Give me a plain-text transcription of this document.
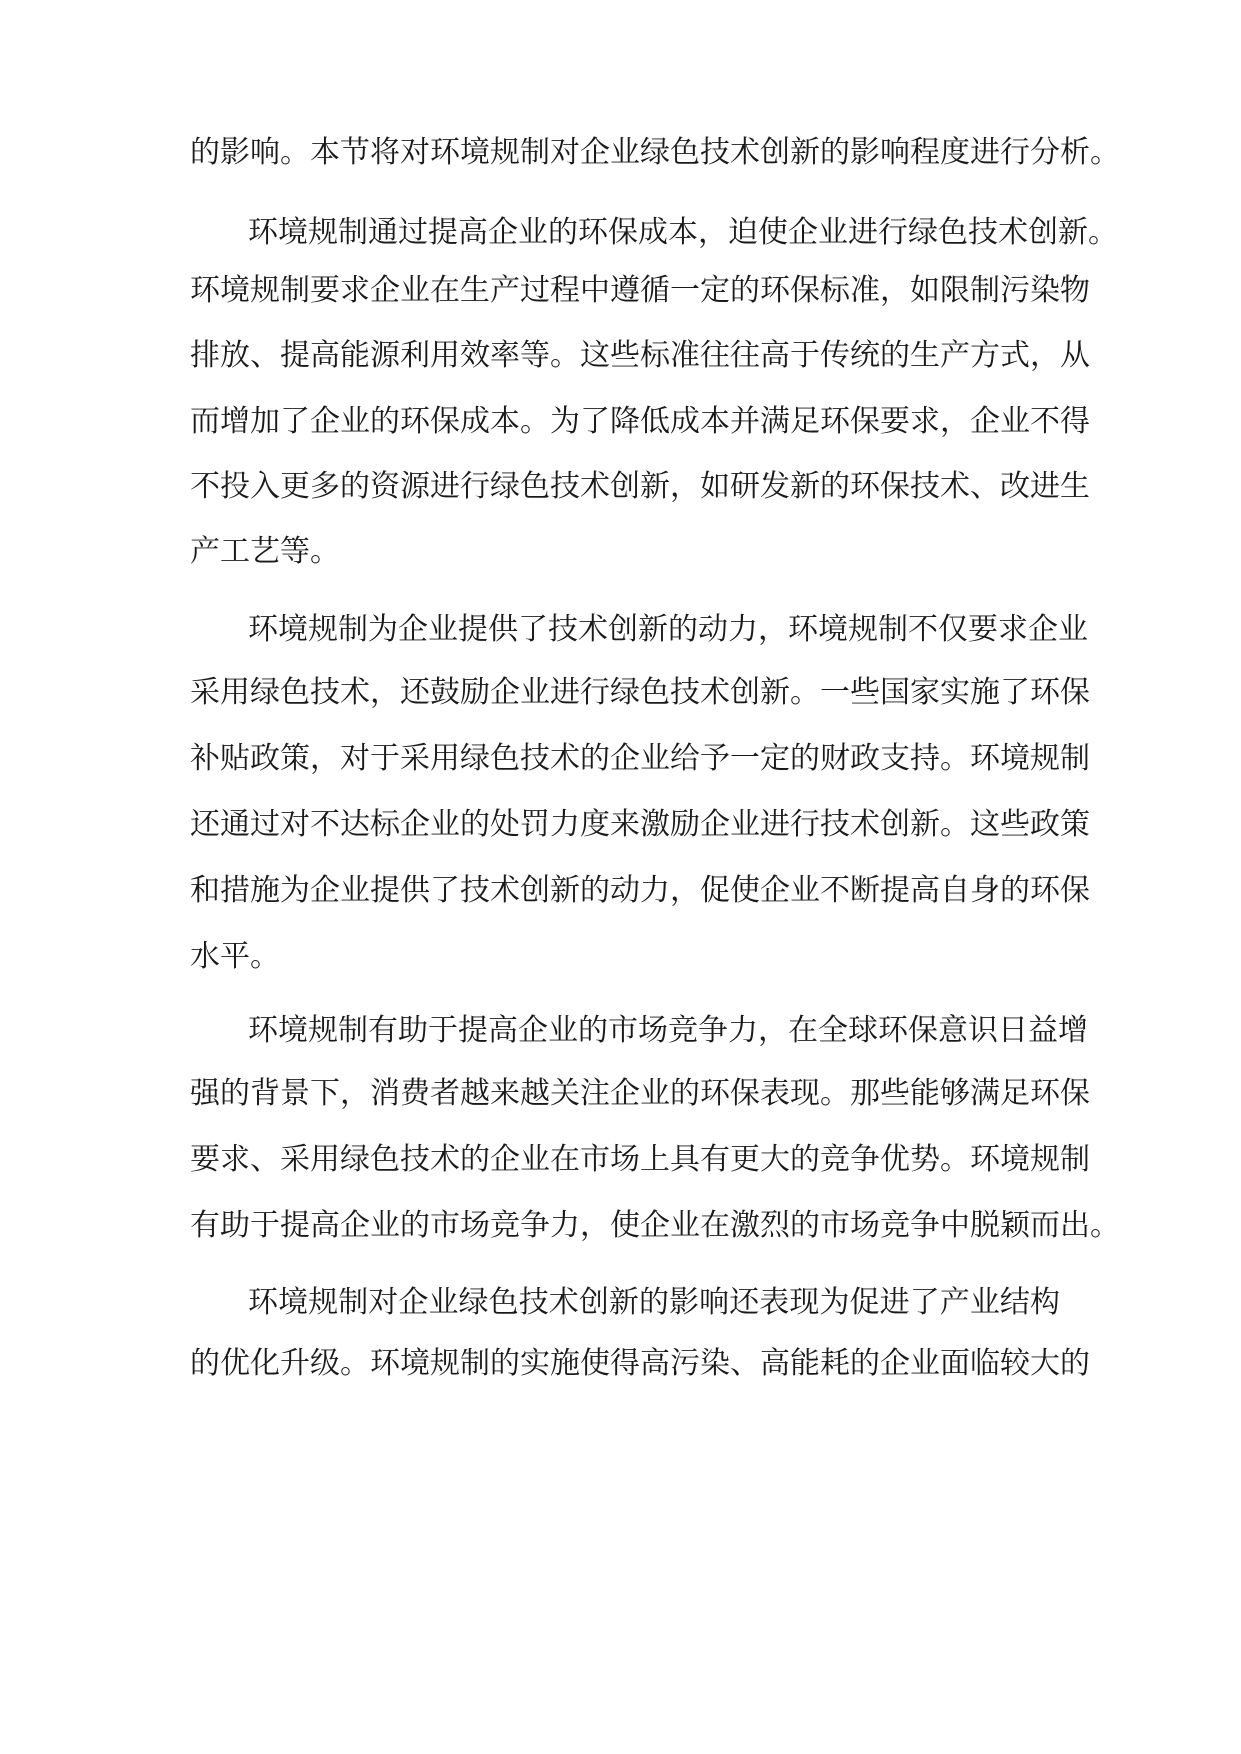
的影响。本节将对环境规制对企业绿色技术创新的影响程度进行分析。
环境规制通过提高企业的环保成本，迫使企业进行绿色技术创新。
环境规制要求企业在生产过程中遵循一定的环保标准，如限制污染物
排放、提高能源利用效率等。这些标准往往高于传统的生产方式，从
而增加了企业的环保成本。为了降低成本并满足环保要求，企业不得
不投入更多的资源进行绿色技术创新，如研发新的环保技术、改进生
产工艺等。
环境规制为企业提供了技术创新的动力，环境规制不仅要求企业
采用绿色技术，还鼓励企业进行绿色技术创新。一些国家实施了环保
补贴政策，对于采用绿色技术的企业给予一定的财政支持。环境规制
还通过对不达标企业的处罚力度来激励企业进行技术创新。这些政策
和措施为企业提供了技术创新的动力，促使企业不断提高自身的环保
水平。
环境规制有助于提高企业的市场竞争力，在全球环保意识日益增
强的背景下，消费者越来越关注企业的环保表现。那些能够满足环保
要求、采用绿色技术的企业在市场上具有更大的竞争优势。环境规制
有助于提高企业的市场竞争力，使企业在激烈的市场竞争中脱颖而出。
环境规制对企业绿色技术创新的影响还表现为促进了产业结构
的优化升级。环境规制的实施使得高污染、高能耗的企业面临较大的
